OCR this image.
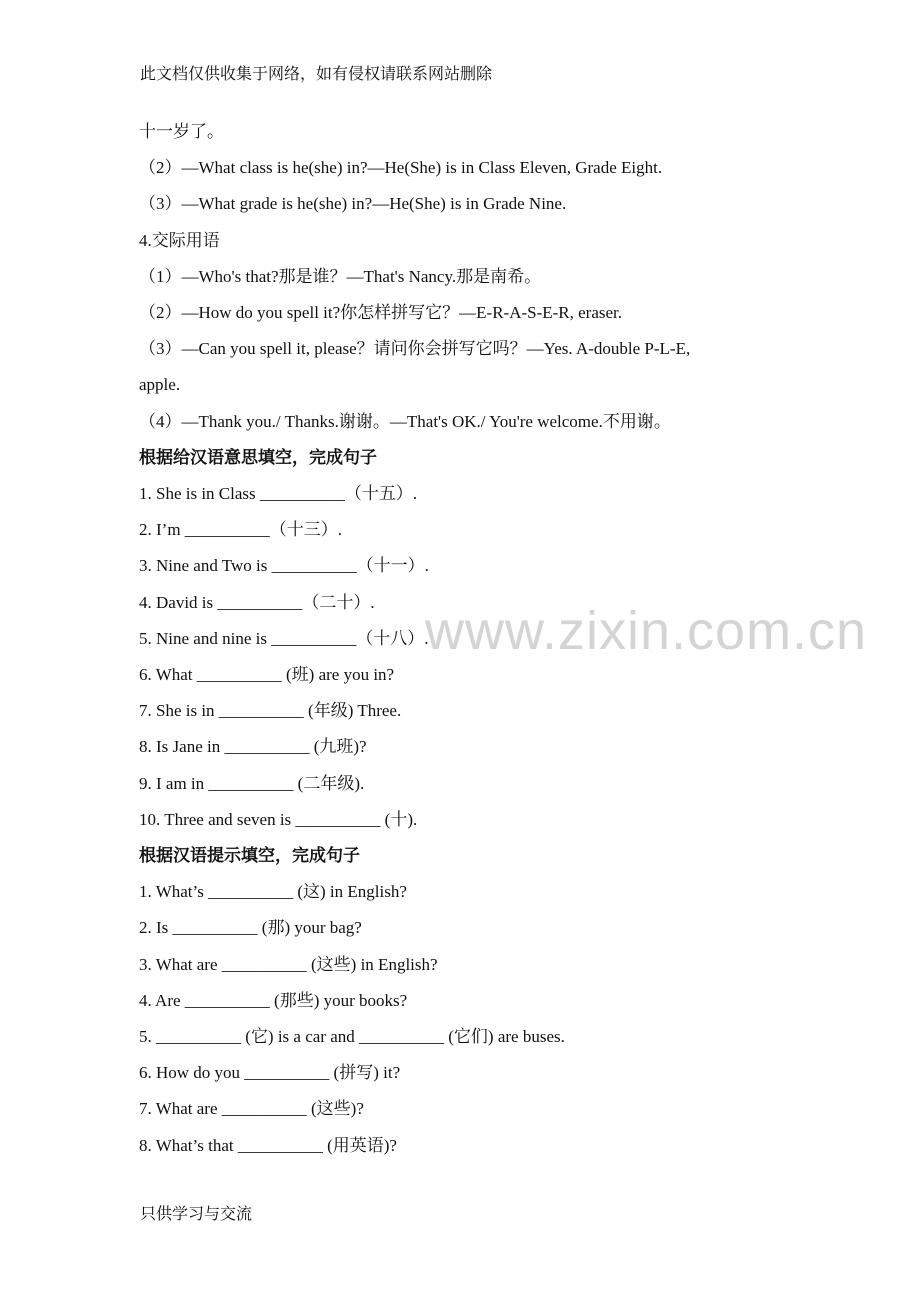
此文档仅供收集于网络，如有侵权请联系网站删除
www.zixin.com.cn
十一岁了。
（2）—What class is he(she) in?—He(She) is in Class Eleven, Grade Eight.
（3）—What grade is he(she) in?—He(She) is in Grade Nine.
4.交际用语
（1）—Who's that?那是谁？—That's Nancy.那是南希。
（2）—How do you spell it?你怎样拼写它？—E-R-A-S-E-R, eraser.
（3）—Can you spell it, please？请问你会拼写它吗？—Yes. A-double P-L-E,
apple.
（4）—Thank you./ Thanks.谢谢。—That's OK./ You're welcome.不用谢。
根据给汉语意思填空，完成句子
1. She is in Class __________（十五）.
2. I’m __________（十三）.
3. Nine and Two is __________（十一）.
4. David is __________（二十）.
5. Nine and nine is __________（十八）.
6. What __________ (班) are you in?
7. She is in __________ (年级) Three.
8. Is Jane in __________ (九班)?
9. I am in __________ (二年级).
10. Three and seven is __________ (十).
根据汉语提示填空，完成句子
1. What’s __________ (这) in English?
2. Is __________ (那) your bag?
3. What are __________ (这些) in English?
4. Are __________ (那些) your books?
5. __________ (它) is a car and __________ (它们) are buses.
6. How do you __________ (拼写) it?
7. What are __________ (这些)?
8. What’s that __________ (用英语)?
只供学习与交流
